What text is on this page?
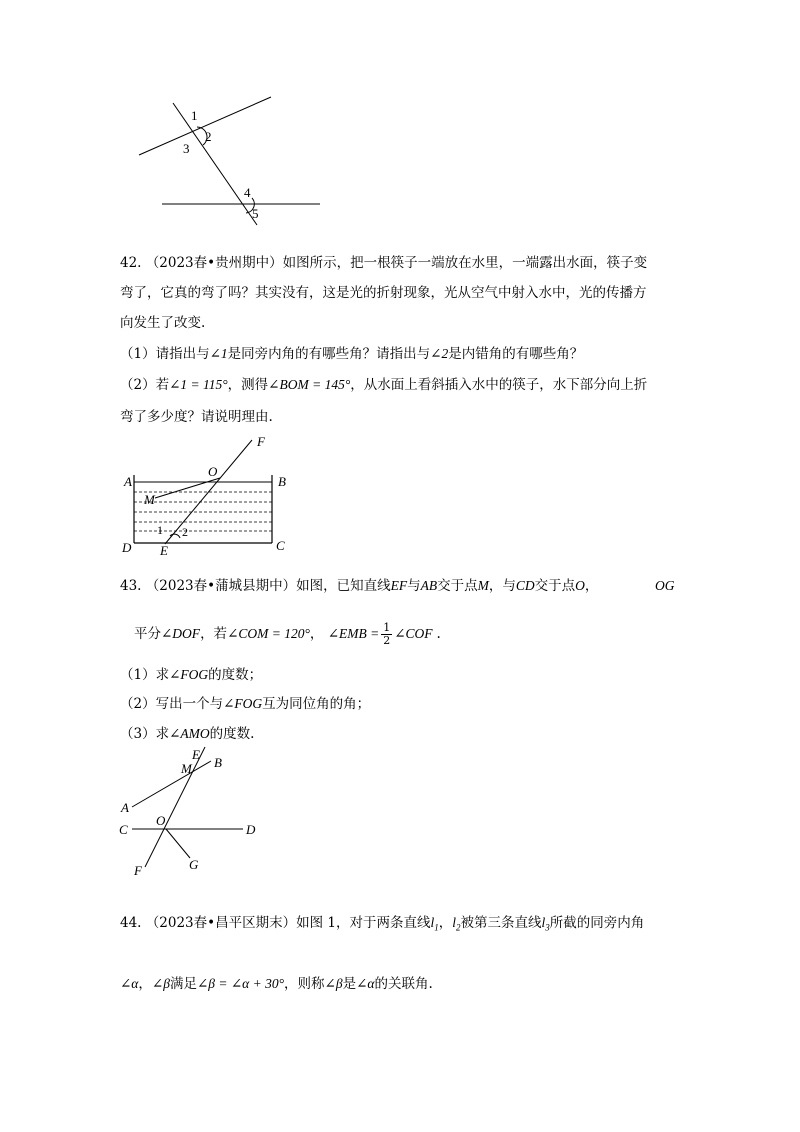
1
2
3
4
5
42. （2023春•贵州期中）如图所示，把一根筷子一端放在水里，一端露出水面，筷子变
弯了，它真的弯了吗？其实没有，这是光的折射现象，光从空气中射入水中，光的传播方
向发生了改变.
（1）请指出与∠1是同旁内角的有哪些角？请指出与∠2是内错角的有哪些角？
（2）若∠1 = 115°，测得∠BOM = 145°，从水面上看斜插入水中的筷子，水下部分向上折
弯了多少度？请说明理由.
A	B
C
D
O
F
M
E
1 2
43. （2023春•蒲城县期中）如图，已知直线EF与AB交于点M，与CD交于点O，	OG
平分∠DOF，若∠COM = 120°， ∠EMB = $\frac{1}{2}$ ∠COF .
（1）求∠FOG的度数；
（2）写出一个与∠FOG互为同位角的角；
（3）求∠AMO的度数.
E
M B
A
O
C	D
F	G
44. （2023春•昌平区期末）如图 1，对于两条直线$l_1$，$l_2$被第三条直线$l_3$所截的同旁内角
∠α，∠β满足∠β = ∠α + 30°，则称∠β是∠α的关联角.
